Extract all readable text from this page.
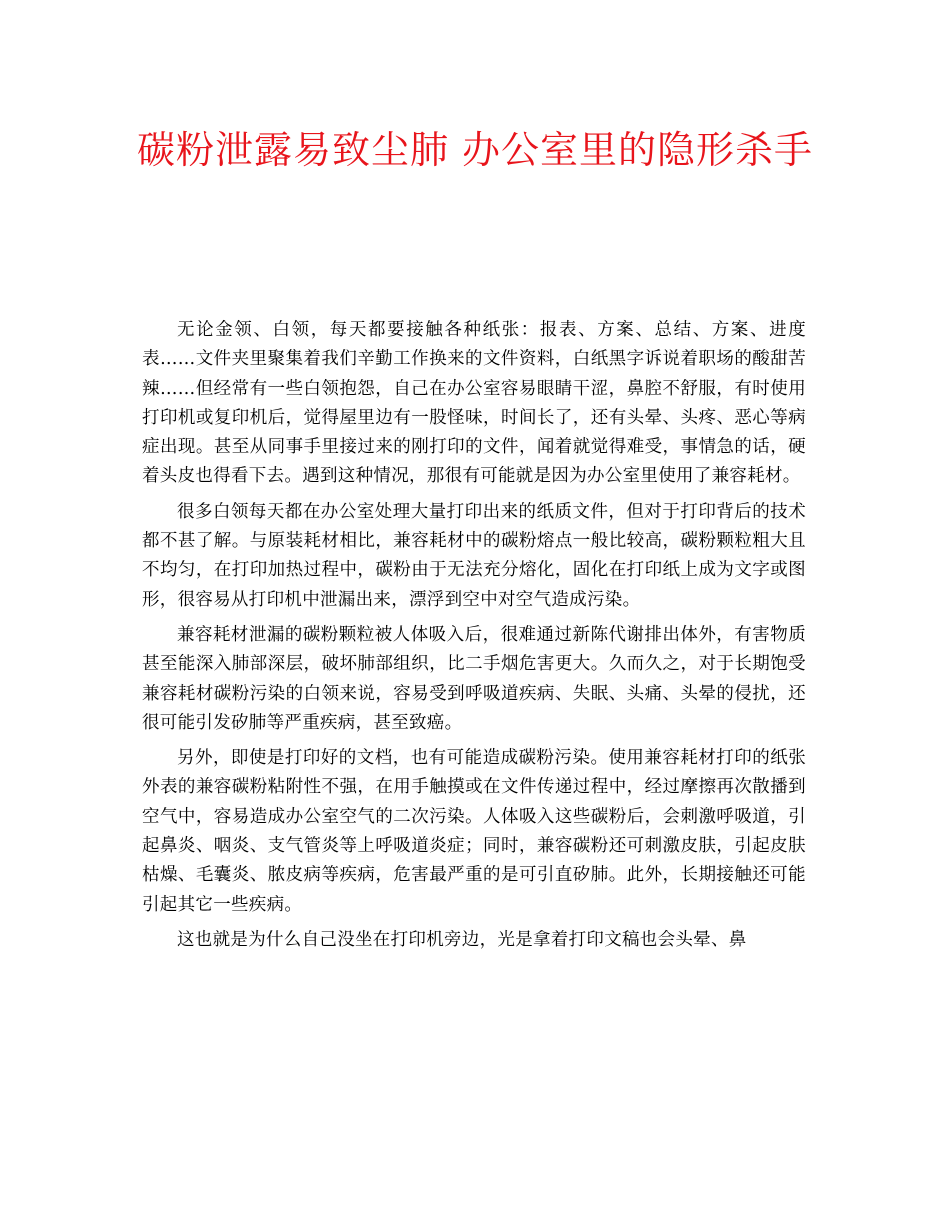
碳粉泄露易致尘肺 办公室里的隐形杀手

无论金领、白领，每天都要接触各种纸张：报表、方案、总结、方案、进度表……文件夹里聚集着我们辛勤工作换来的文件资料，白纸黑字诉说着职场的酸甜苦辣……但经常有一些白领抱怨，自己在办公室容易眼睛干涩，鼻腔不舒服，有时使用打印机或复印机后，觉得屋里边有一股怪味，时间长了，还有头晕、头疼、恶心等病症出现。甚至从同事手里接过来的刚打印的文件，闻着就觉得难受，事情急的话，硬着头皮也得看下去。遇到这种情况，那很有可能就是因为办公室里使用了兼容耗材。

很多白领每天都在办公室处理大量打印出来的纸质文件，但对于打印背后的技术都不甚了解。与原装耗材相比，兼容耗材中的碳粉熔点一般比较高，碳粉颗粒粗大且不均匀，在打印加热过程中，碳粉由于无法充分熔化，固化在打印纸上成为文字或图形，很容易从打印机中泄漏出来，漂浮到空中对空气造成污染。

兼容耗材泄漏的碳粉颗粒被人体吸入后，很难通过新陈代谢排出体外，有害物质甚至能深入肺部深层，破坏肺部组织，比二手烟危害更大。久而久之，对于长期饱受兼容耗材碳粉污染的白领来说，容易受到呼吸道疾病、失眠、头痛、头晕的侵扰，还很可能引发矽肺等严重疾病，甚至致癌。

另外，即使是打印好的文档，也有可能造成碳粉污染。使用兼容耗材打印的纸张外表的兼容碳粉粘附性不强，在用手触摸或在文件传递过程中，经过摩擦再次散播到空气中，容易造成办公室空气的二次污染。人体吸入这些碳粉后，会刺激呼吸道，引起鼻炎、咽炎、支气管炎等上呼吸道炎症；同时，兼容碳粉还可刺激皮肤，引起皮肤枯燥、毛囊炎、脓皮病等疾病，危害最严重的是可引直矽肺。此外，长期接触还可能引起其它一些疾病。

这也就是为什么自己没坐在打印机旁边，光是拿着打印文稿也会头晕、鼻
